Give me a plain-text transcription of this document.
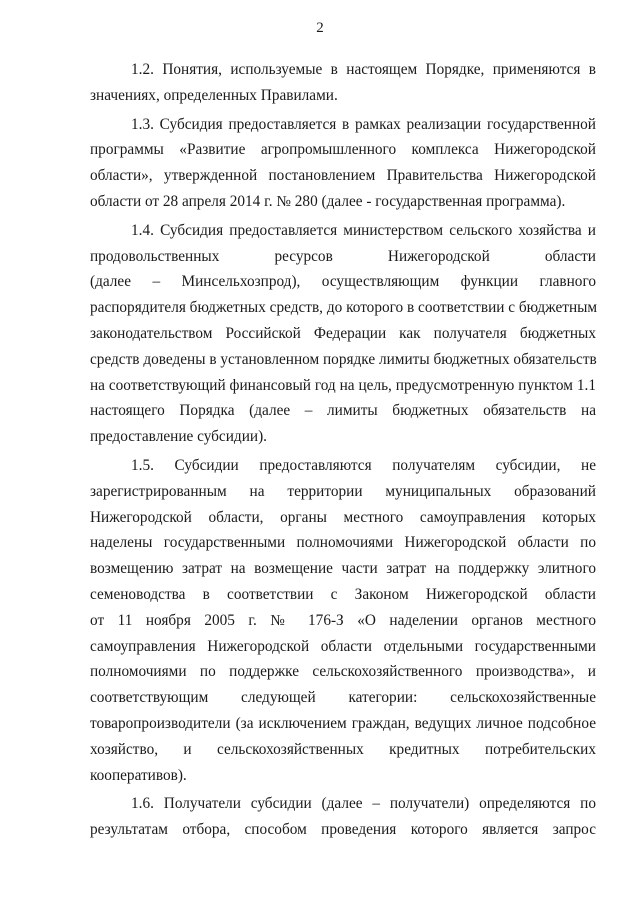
2

1.2. Понятия, используемые в настоящем Порядке, применяются в
значениях, определенных Правилами.

1.3. Субсидия предоставляется в рамках реализации государственной
программы «Развитие агропромышленного комплекса Нижегородской
области», утвержденной постановлением Правительства Нижегородской
области от 28 апреля 2014 г. № 280 (далее - государственная программа).

1.4. Субсидия предоставляется министерством сельского хозяйства и
продовольственных ресурсов Нижегородской области
(далее – Минсельхозпрод), осуществляющим функции главного
распорядителя бюджетных средств, до которого в соответствии с бюджетным
законодательством Российской Федерации как получателя бюджетных
средств доведены в установленном порядке лимиты бюджетных обязательств
на соответствующий финансовый год на цель, предусмотренную пунктом 1.1
настоящего Порядка (далее – лимиты бюджетных обязательств на
предоставление субсидии).

1.5. Субсидии предоставляются получателям субсидии, не
зарегистрированным на территории муниципальных образований
Нижегородской области, органы местного самоуправления которых
наделены государственными полномочиями Нижегородской области по
возмещению затрат на возмещение части затрат на поддержку элитного
семеноводства в соответствии с Законом Нижегородской области
от 11 ноября 2005 г. № 176-З «О наделении органов местного
самоуправления Нижегородской области отдельными государственными
полномочиями по поддержке сельскохозяйственного производства», и
соответствующим следующей категории: сельскохозяйственные
товаропроизводители (за исключением граждан, ведущих личное подсобное
хозяйство, и сельскохозяйственных кредитных потребительских
кооперативов).

1.6. Получатели субсидии (далее – получатели) определяются по
результатам отбора, способом проведения которого является запрос
